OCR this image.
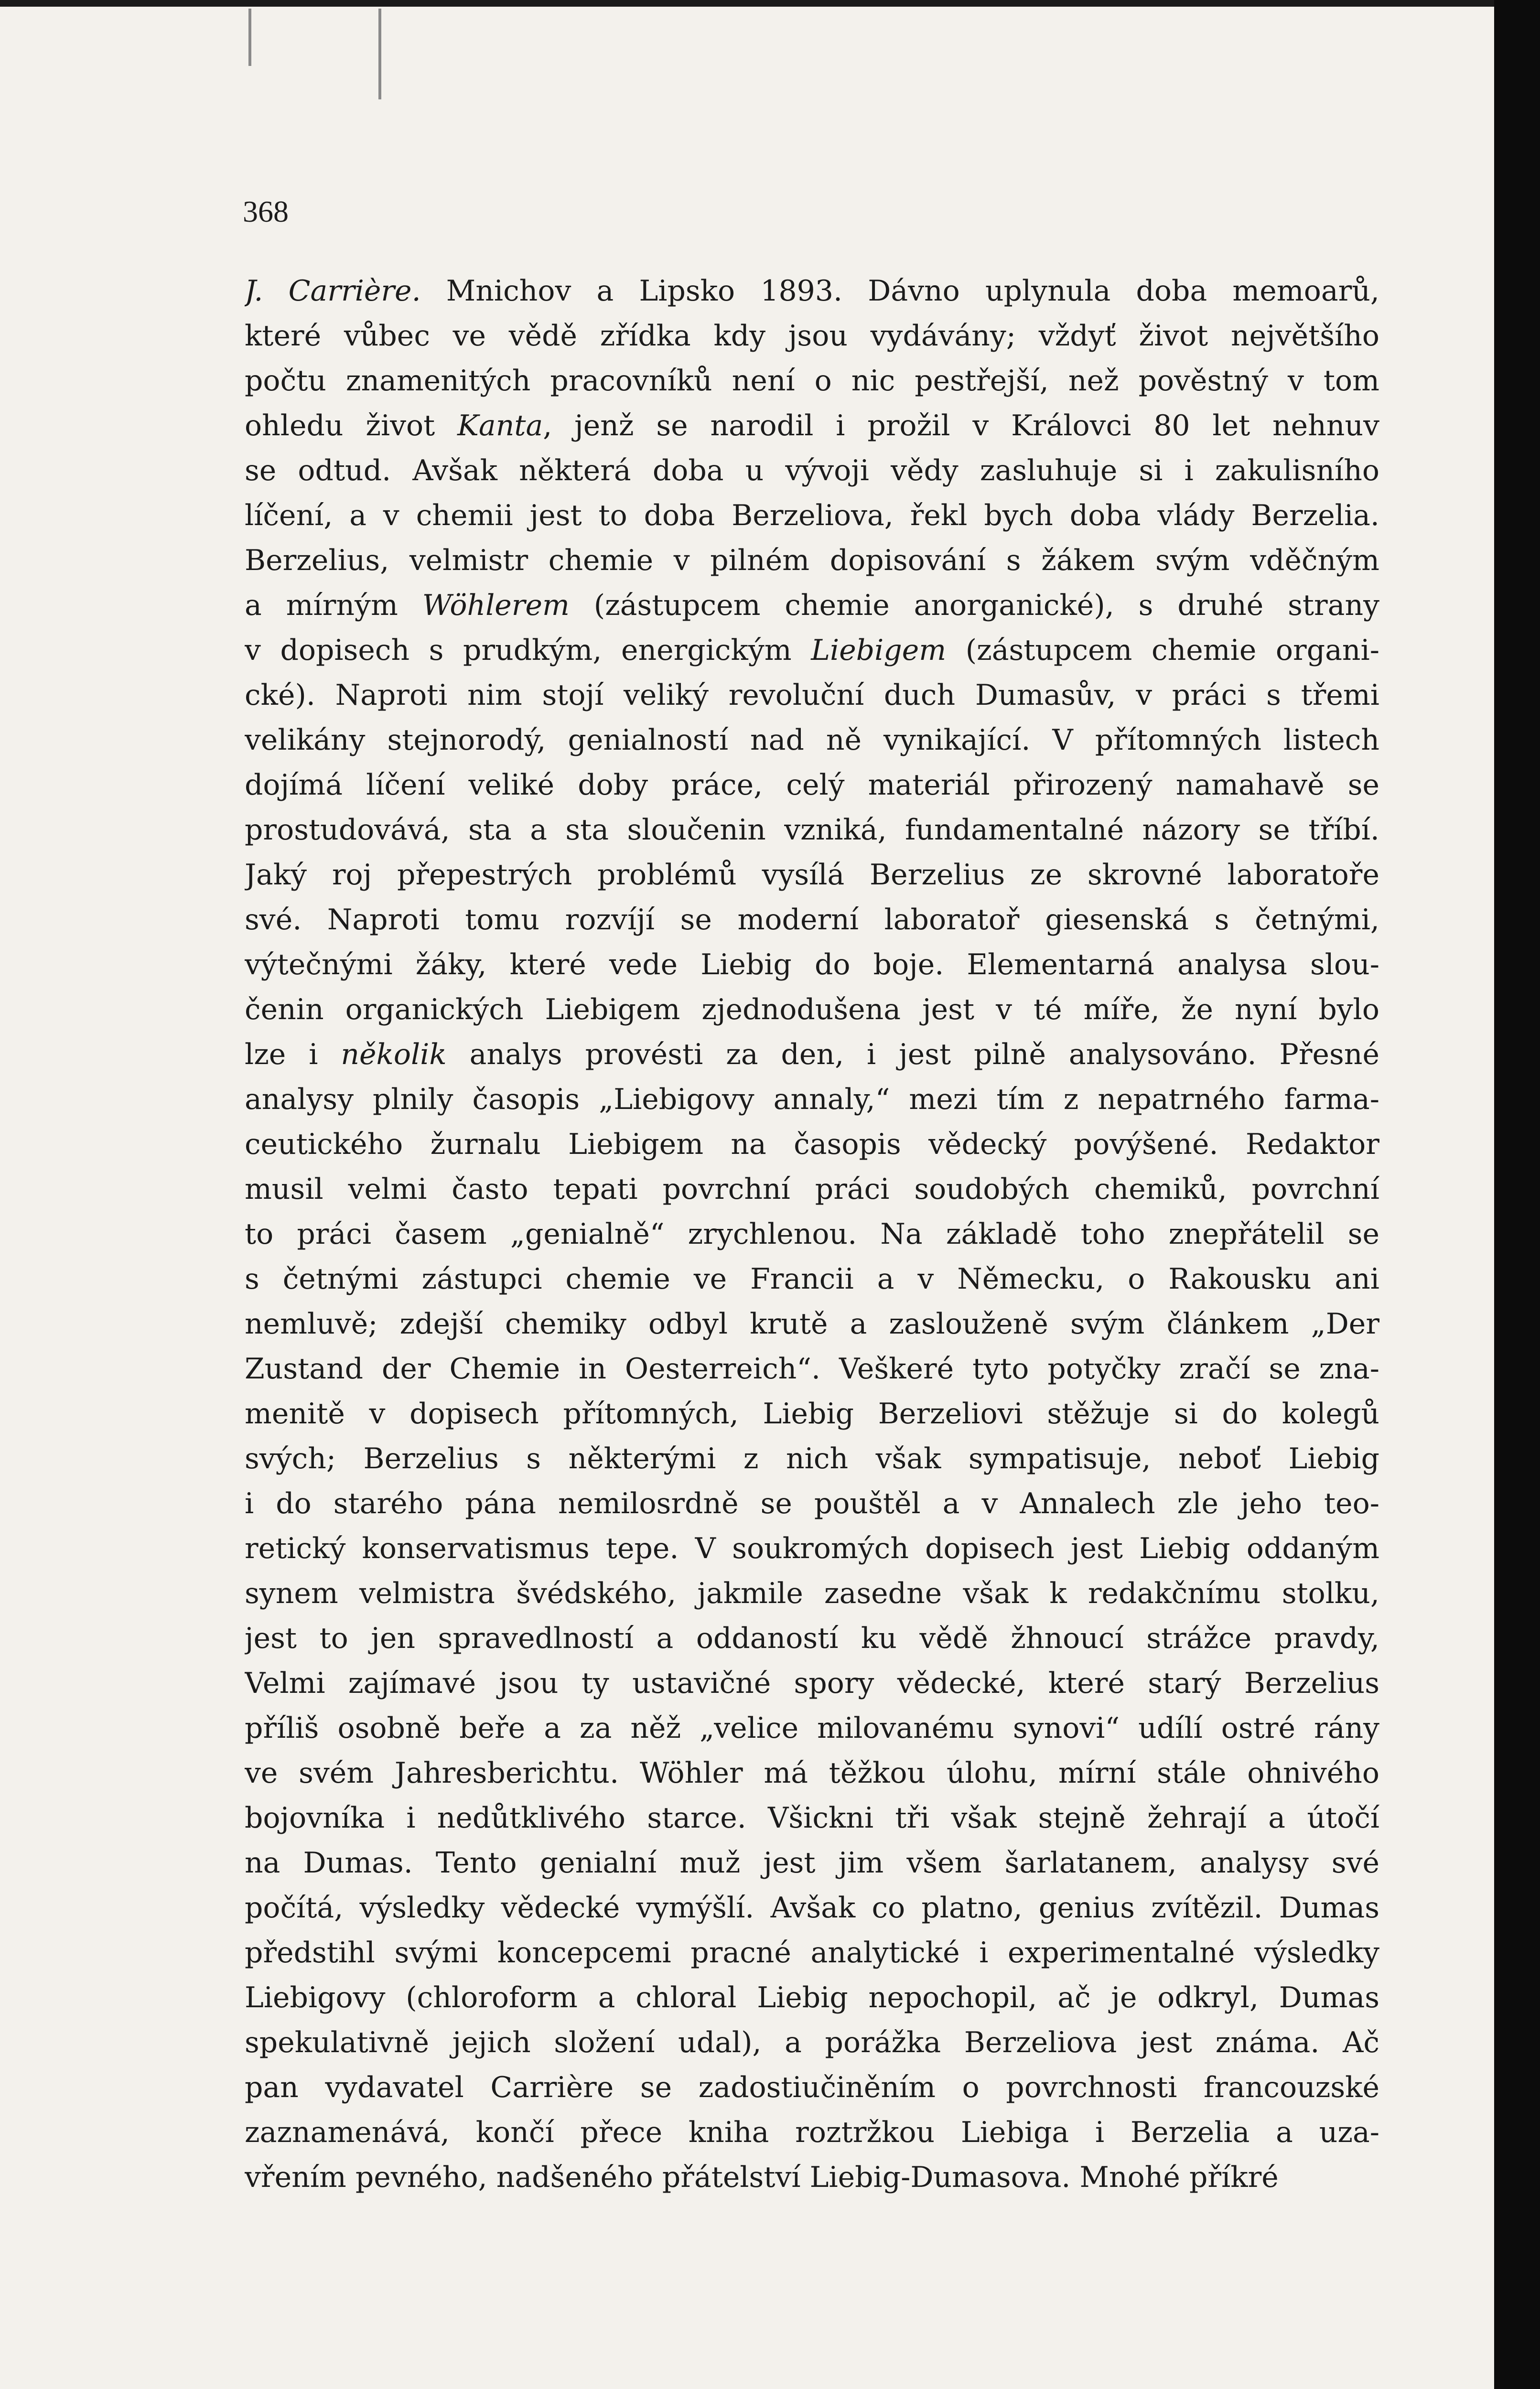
368

J. Carrière. Mnichov a Lipsko 1893. Dávno uplynula doba memoarů,
které vůbec ve vědě zřídka kdy jsou vydávány; vždyť život největšího
počtu znamenitých pracovníků není o nic pestřejší, než pověstný v tom
ohledu život Kanta, jenž se narodil i prožil v Královci 80 let nehnuv
se odtud. Avšak některá doba u vývoji vědy zasluhuje si i zakulisního
líčení, a v chemii jest to doba Berzeliova, řekl bych doba vlády Berzelia.
Berzelius, velmistr chemie v pilném dopisování s žákem svým vděčným
a mírným Wöhlerem (zástupcem chemie anorganické), s druhé strany
v dopisech s prudkým, energickým Liebigem (zástupcem chemie organi-
cké). Naproti nim stojí veliký revoluční duch Dumasův, v práci s třemi
velikány stejnorodý, genialností nad ně vynikající. V přítomných listech
dojímá líčení veliké doby práce, celý materiál přirozený namahavě se
prostudovává, sta a sta sloučenin vzniká, fundamentalné názory se tříbí.
Jaký roj přepestrých problémů vysílá Berzelius ze skrovné laboratoře
své. Naproti tomu rozvíjí se moderní laboratoř giesenská s četnými,
výtečnými žáky, které vede Liebig do boje. Elementarná analysa slou-
čenin organických Liebigem zjednodušena jest v té míře, že nyní bylo
lze i několik analys provésti za den, i jest pilně analysováno. Přesné
analysy plnily časopis „Liebigovy annaly,“ mezi tím z nepatrného farma-
ceutického žurnalu Liebigem na časopis vědecký povýšené. Redaktor
musil velmi často tepati povrchní práci soudobých chemiků, povrchní
to práci časem „genialně“ zrychlenou. Na základě toho znepřátelil se
s četnými zástupci chemie ve Francii a v Německu, o Rakousku ani
nemluvě; zdejší chemiky odbyl krutě a zaslouženě svým článkem „Der
Zustand der Chemie in Oesterreich“. Veškeré tyto potyčky zračí se zna-
menitě v dopisech přítomných, Liebig Berzeliovi stěžuje si do kolegů
svých; Berzelius s některými z nich však sympatisuje, neboť Liebig
i do starého pána nemilosrdně se pouštěl a v Annalech zle jeho teo-
retický konservatismus tepe. V soukromých dopisech jest Liebig oddaným
synem velmistra švédského, jakmile zasedne však k redakčnímu stolku,
jest to jen spravedlností a oddaností ku vědě žhnoucí strážce pravdy,
Velmi zajímavé jsou ty ustavičné spory vědecké, které starý Berzelius
příliš osobně beře a za něž „velice milovanému synovi“ udílí ostré rány
ve svém Jahresberichtu. Wöhler má těžkou úlohu, mírní stále ohnivého
bojovníka i nedůtklivého starce. Všickni tři však stejně žehrají a útočí
na Dumas. Tento genialní muž jest jim všem šarlatanem, analysy své
počítá, výsledky vědecké vymýšlí. Avšak co platno, genius zvítězil. Dumas
předstihl svými koncepcemi pracné analytické i experimentalné výsledky
Liebigovy (chloroform a chloral Liebig nepochopil, ač je odkryl, Dumas
spekulativně jejich složení udal), a porážka Berzeliova jest známa. Ač
pan vydavatel Carrière se zadostiučiněním o povrchnosti francouzské
zaznamenává, končí přece kniha roztržkou Liebiga i Berzelia a uza-
vřením pevného, nadšeného přátelství Liebig-Dumasova. Mnohé příkré
